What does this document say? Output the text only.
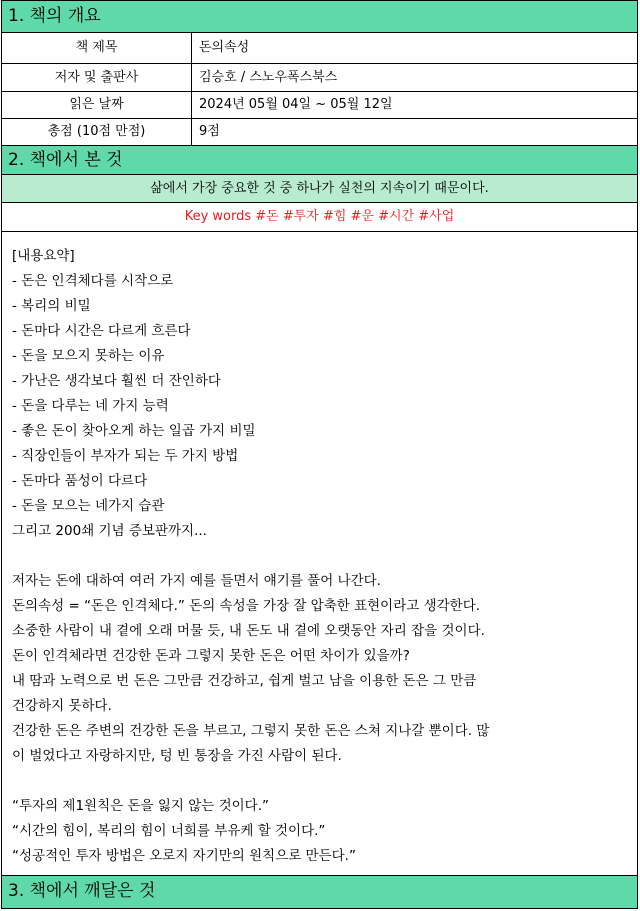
1. 책의 개요
책 제목	돈의속성
저자 및 출판사	김승호 / 스노우폭스북스
읽은 날짜	2024년 05월 04일 ~ 05월 12일
총점 (10점 만점)	9점
2. 책에서 본 것
삶에서 가장 중요한 것 중 하나가 실천의 지속이기 때문이다.
Key words #돈 #투자 #힘 #운 #시간 #사업
[내용요약]
- 돈은 인격체다를 시작으로
- 복리의 비밀
- 돈마다 시간은 다르게 흐른다
- 돈을 모으지 못하는 이유
- 가난은 생각보다 훨씬 더 잔인하다
- 돈을 다루는 네 가지 능력
- 좋은 돈이 찾아오게 하는 일곱 가지 비밀
- 직장인들이 부자가 되는 두 가지 방법
- 돈마다 품성이 다르다
- 돈을 모으는 네가지 습관
그리고 200쇄 기념 증보판까지...
저자는 돈에 대하여 여러 가지 예를 들면서 얘기를 풀어 나간다.
돈의속성 = “돈은 인격체다.” 돈의 속성을 가장 잘 압축한 표현이라고 생각한다.
소중한 사람이 내 곁에 오래 머물 듯, 내 돈도 내 곁에 오랫동안 자리 잡을 것이다.
돈이 인격체라면 건강한 돈과 그렇지 못한 돈은 어떤 차이가 있을까?
내 땀과 노력으로 번 돈은 그만큼 건강하고, 쉽게 벌고 남을 이용한 돈은 그 만큼
건강하지 못하다.
건강한 돈은 주변의 건강한 돈을 부르고, 그렇지 못한 돈은 스쳐 지나갈 뿐이다. 많
이 벌었다고 자랑하지만, 텅 빈 통장을 가진 사람이 된다.
“투자의 제1원칙은 돈을 잃지 않는 것이다.”
“시간의 힘이, 복리의 힘이 너희를 부유케 할 것이다.”
“성공적인 투자 방법은 오로지 자기만의 원칙으로 만든다.”
3. 책에서 깨달은 것
